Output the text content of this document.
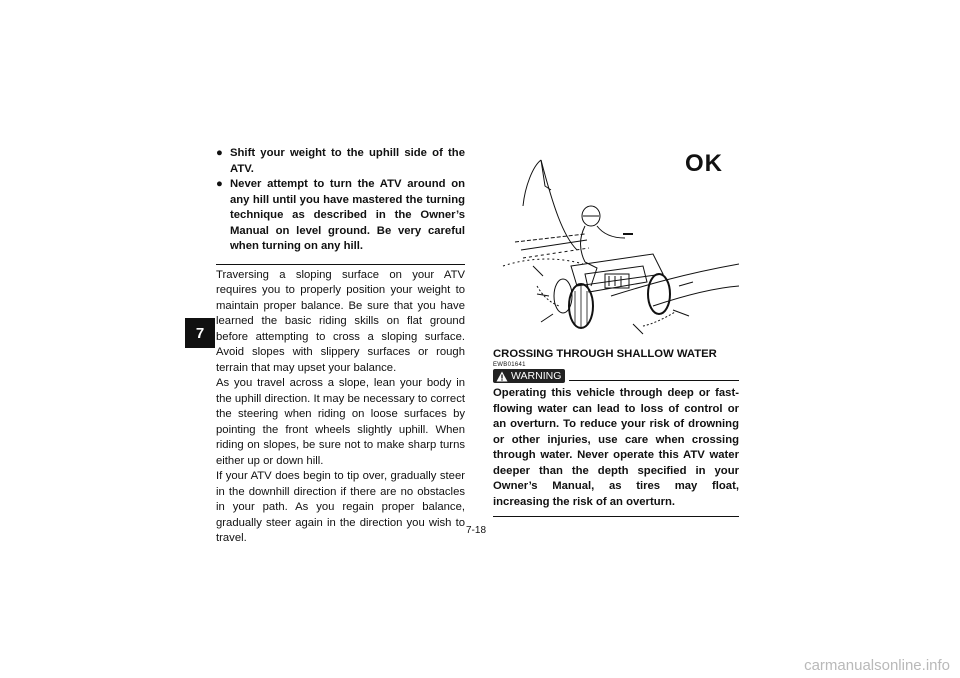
7
● Shift your weight to the uphill side of the ATV.
● Never attempt to turn the ATV around on any hill until you have mastered the turning technique as described in the Owner’s Manual on level ground. Be very careful when turning on any hill.

Traversing a sloping surface on your ATV requires you to properly position your weight to maintain proper balance. Be sure that you have learned the basic riding skills on flat ground before attempting to cross a sloping surface. Avoid slopes with slippery surfaces or rough terrain that may upset your balance.

As you travel across a slope, lean your body in the uphill direction. It may be necessary to correct the steering when riding on loose surfaces by pointing the front wheels slightly uphill. When riding on slopes, be sure not to make sharp turns either up or down hill.

If your ATV does begin to tip over, gradually steer in the downhill direction if there are no obstacles in your path. As you regain proper balance, gradually steer again in the direction you wish to travel.

OK
CROSSING THROUGH SHALLOW WATER
EWB01641
WARNING
Operating this vehicle through deep or fast-flowing water can lead to loss of control or an overturn. To reduce your risk of drowning or other injuries, use care when crossing through water. Never operate this ATV water deeper than the depth specified in your Owner’s Manual, as tires may float, increasing the risk of an overturn.
7-18
carmanualsonline.info
